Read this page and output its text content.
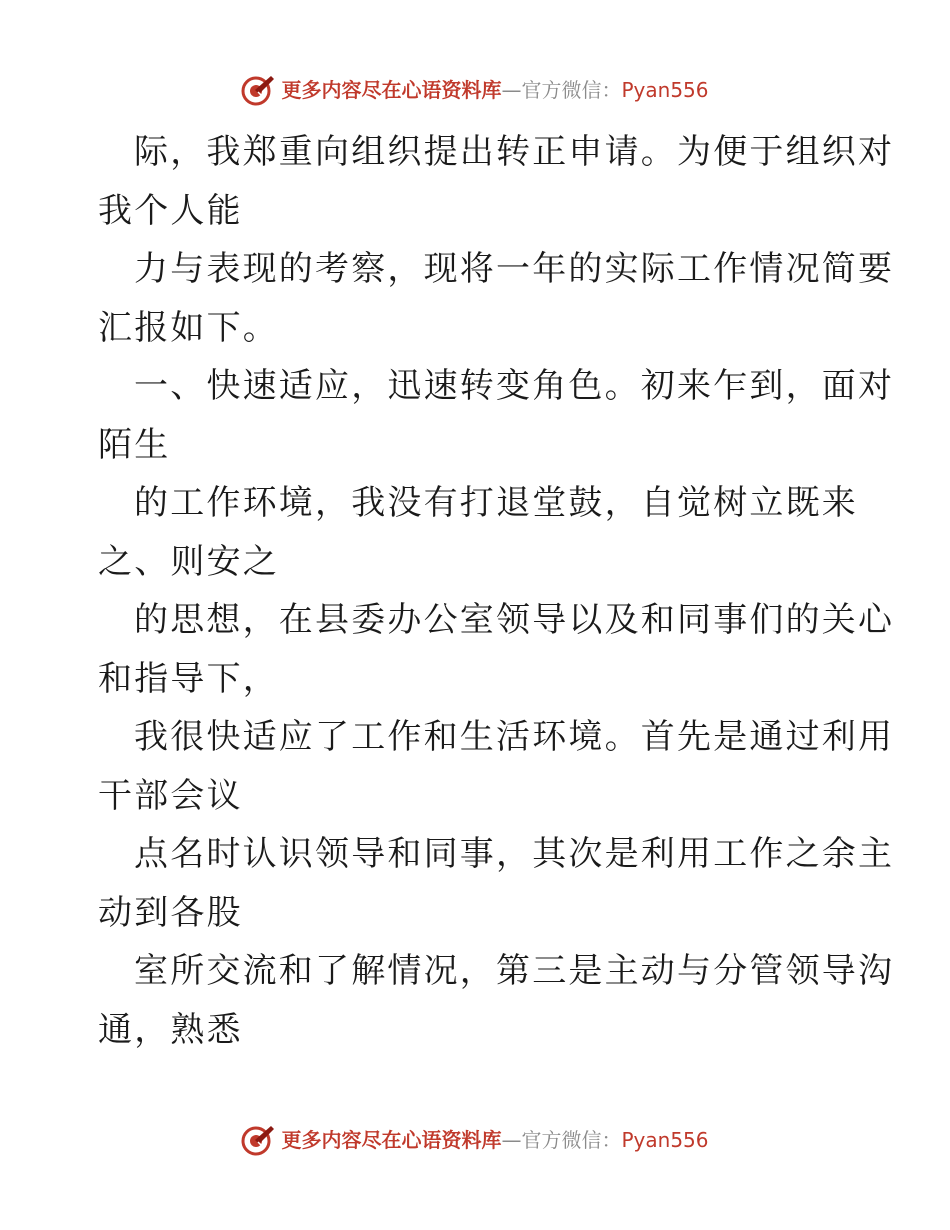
更多内容尽在心语资料库—官方微信：Pyan556
际，我郑重向组织提出转正申请。为便于组织对
我个人能
力与表现的考察，现将一年的实际工作情况简要
汇报如下。
一、快速适应，迅速转变角色。初来乍到，面对
陌生
的工作环境，我没有打退堂鼓，自觉树立既来
之、则安之
的思想，在县委办公室领导以及和同事们的关心
和指导下，
我很快适应了工作和生活环境。首先是通过利用
干部会议
点名时认识领导和同事，其次是利用工作之余主
动到各股
室所交流和了解情况，第三是主动与分管领导沟
通，熟悉
更多内容尽在心语资料库—官方微信：Pyan556
